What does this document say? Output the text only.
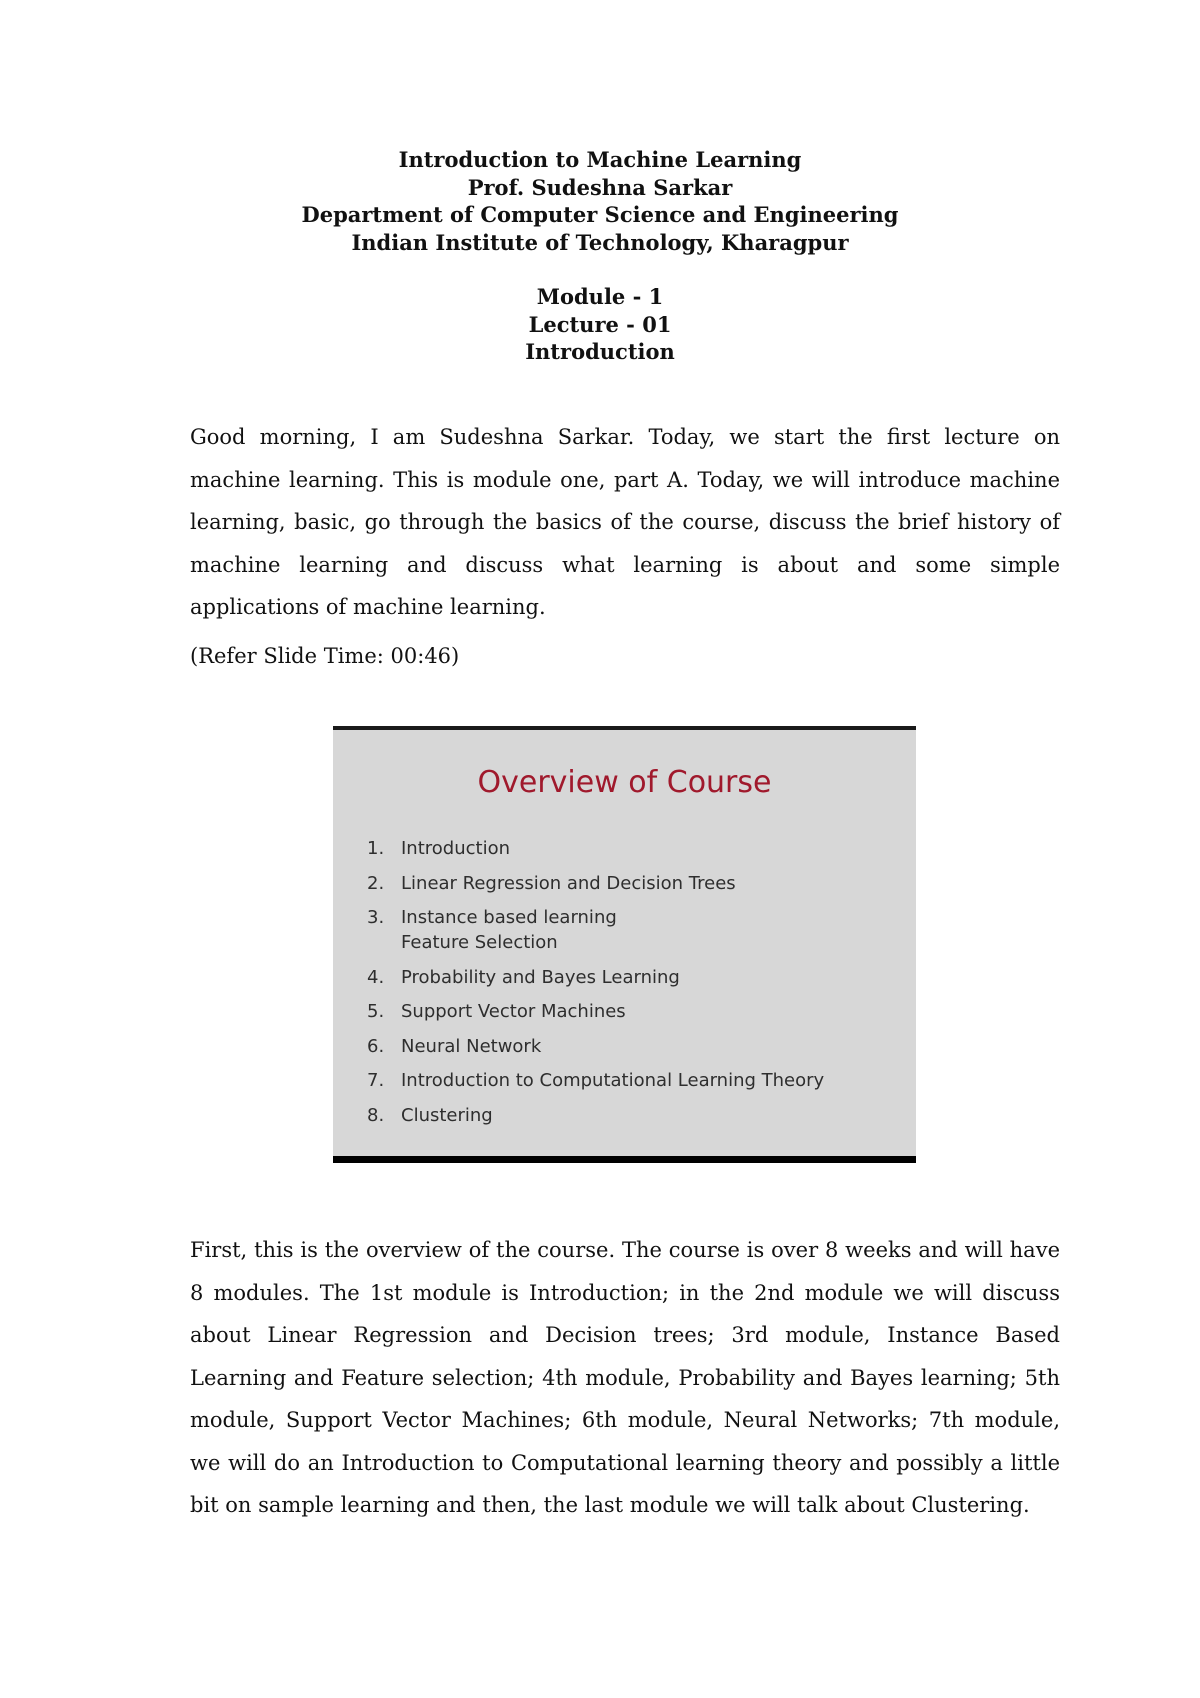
Introduction to Machine Learning
Prof. Sudeshna Sarkar
Department of Computer Science and Engineering
Indian Institute of Technology, Kharagpur
Module - 1
Lecture - 01
Introduction

Good morning, I am Sudeshna Sarkar. Today, we start the first lecture on machine learning. This is module one, part A. Today, we will introduce machine learning, basic, go through the basics of the course, discuss the brief history of machine learning and discuss what learning is about and some simple applications of machine learning.

(Refer Slide Time: 00:46)

Overview of Course
1. Introduction
2. Linear Regression and Decision Trees
3. Instance based learning
Feature Selection
4. Probability and Bayes Learning
5. Support Vector Machines
6. Neural Network
7. Introduction to Computational Learning Theory
8. Clustering

First, this is the overview of the course. The course is over 8 weeks and will have 8 modules. The 1st module is Introduction; in the 2nd module we will discuss about Linear Regression and Decision trees; 3rd module, Instance Based Learning and Feature selection; 4th module, Probability and Bayes learning; 5th module, Support Vector Machines; 6th module, Neural Networks; 7th module, we will do an Introduction to Computational learning theory and possibly a little bit on sample learning and then, the last module we will talk about Clustering.
